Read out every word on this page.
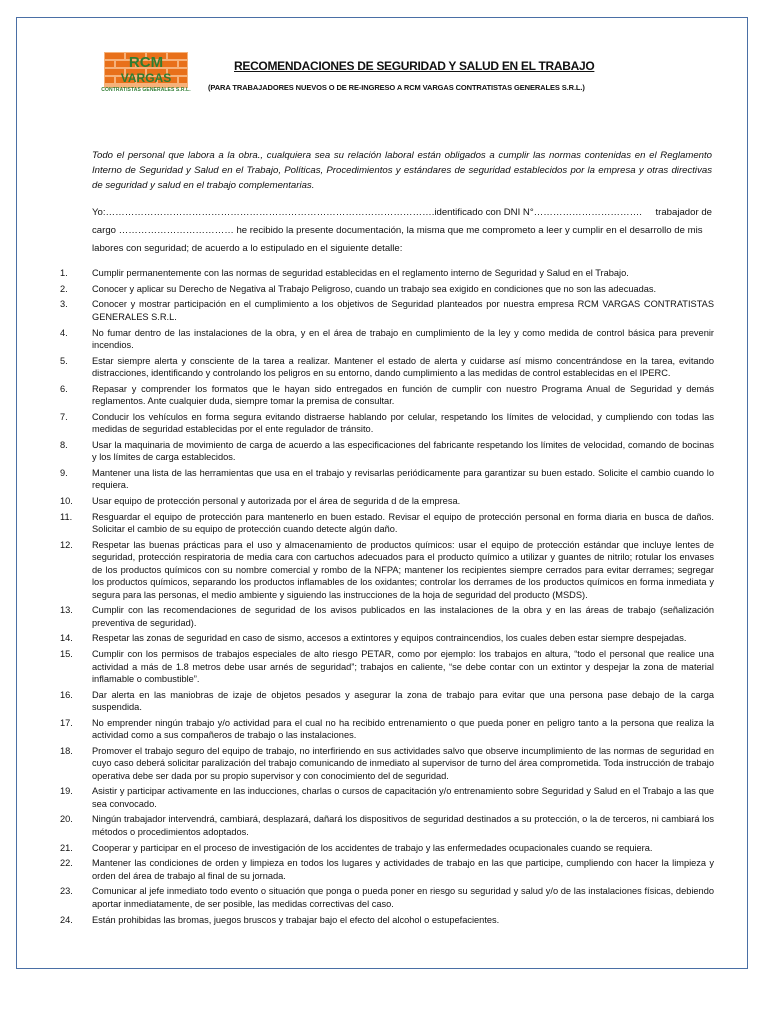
RCM
VARGAS
CONTRATISTAS GENERALES S.R.L.
RECOMENDACIONES DE SEGURIDAD Y SALUD EN EL TRABAJO
(PARA TRABAJADORES NUEVOS O DE RE-INGRESO A RCM VARGAS CONTRATISTAS GENERALES S.R.L.)
Todo el personal que labora a la obra., cualquiera sea su relación laboral están obligados a cumplir las normas contenidas en el Reglamento Interno de Seguridad y Salud en el Trabajo, Políticas, Procedimientos y estándares de seguridad establecidos por la empresa y otras directivas de seguridad y salud en el trabajo complementarias.
Yo:………………………………………………………………………………………….identificado con DNI N°……………………………. trabajador de
cargo ……………………………… he recibido la presente documentación, la misma que me comprometo a leer y cumplir en el desarrollo de mis
labores con seguridad; de acuerdo a lo estipulado en el siguiente detalle:
1.	Cumplir permanentemente con las normas de seguridad establecidas en el reglamento interno de Seguridad y Salud en el Trabajo.
2.	Conocer y aplicar su Derecho de Negativa al Trabajo Peligroso, cuando un trabajo sea exigido en condiciones que no son las adecuadas.
3.	Conocer y mostrar participación en el cumplimiento a los objetivos de Seguridad planteados por nuestra empresa RCM VARGAS CONTRATISTAS GENERALES S.R.L.
4.	No fumar dentro de las instalaciones de la obra, y en el área de trabajo en cumplimiento de la ley y como medida de control básica para prevenir incendios.
5.	Estar siempre alerta y consciente de la tarea a realizar. Mantener el estado de alerta y cuidarse así mismo concentrándose en la tarea, evitando distracciones, identificando y controlando los peligros en su entorno, dando cumplimiento a las medidas de control establecidas en el IPERC.
6.	Repasar y comprender los formatos que le hayan sido entregados en función de cumplir con nuestro Programa Anual de Seguridad y demás reglamentos. Ante cualquier duda, siempre tomar la premisa de consultar.
7.	Conducir los vehículos en forma segura evitando distraerse hablando por celular, respetando los límites de velocidad, y cumpliendo con todas las medidas de seguridad establecidas por el ente regulador de tránsito.
8.	Usar la maquinaria de movimiento de carga de acuerdo a las especificaciones del fabricante respetando los límites de velocidad, comando de bocinas y los límites de carga establecidos.
9.	Mantener una lista de las herramientas que usa en el trabajo y revisarlas periódicamente para garantizar su buen estado. Solicite el cambio cuando lo requiera.
10.	Usar equipo de protección personal y autorizada por el área de segurida d de la empresa.
11.	Resguardar el equipo de protección para mantenerlo en buen estado. Revisar el equipo de protección personal en forma diaria en busca de daños. Solicitar el cambio de su equipo de protección cuando detecte algún daño.
12.	Respetar las buenas prácticas para el uso y almacenamiento de productos químicos: usar el equipo de protección estándar que incluye lentes de seguridad, protección respiratoria de media cara con cartuchos adecuados para el producto químico a utilizar y guantes de nitrilo; rotular los envases de los productos químicos con su nombre comercial y rombo de la NFPA; mantener los recipientes siempre cerrados para evitar derrames; segregar los productos químicos, separando los productos inflamables de los oxidantes; controlar los derrames de los productos químicos en forma inmediata y segura para las personas, el medio ambiente y siguiendo las instrucciones de la hoja de seguridad del producto (MSDS).
13.	Cumplir con las recomendaciones de seguridad de los avisos publicados en las instalaciones de la obra y en las áreas de trabajo (señalización preventiva de seguridad).
14.	Respetar las zonas de seguridad en caso de sismo, accesos a extintores y equipos contraincendios, los cuales deben estar siempre despejadas.
15.	Cumplir con los permisos de trabajos especiales de alto riesgo PETAR, como por ejemplo: los trabajos en altura, “todo el personal que realice una actividad a más de 1.8 metros debe usar arnés de seguridad”; trabajos en caliente, “se debe contar con un extintor y despejar la zona de material inflamable o combustible”.
16.	Dar alerta en las maniobras de izaje de objetos pesados y asegurar la zona de trabajo para evitar que una persona pase debajo de la carga suspendida.
17.	No emprender ningún trabajo y/o actividad para el cual no ha recibido entrenamiento o que pueda poner en peligro tanto a la persona que realiza la actividad como a sus compañeros de trabajo o las instalaciones.
18.	Promover el trabajo seguro del equipo de trabajo, no interfiriendo en sus actividades salvo que observe incumplimiento de las normas de seguridad en cuyo caso deberá solicitar paralización del trabajo comunicando de inmediato al supervisor de turno del área comprometida. Toda instrucción de trabajo operativa debe ser dada por su propio supervisor y con conocimiento del de seguridad.
19.	Asistir y participar activamente en las inducciones, charlas o cursos de capacitación y/o entrenamiento sobre Seguridad y Salud en el Trabajo a las que sea convocado.
20.	Ningún trabajador intervendrá, cambiará, desplazará, dañará los dispositivos de seguridad destinados a su protección, o la de terceros, ni cambiará los métodos o procedimientos adoptados.
21.	Cooperar y participar en el proceso de investigación de los accidentes de trabajo y las enfermedades ocupacionales cuando se requiera.
22.	Mantener las condiciones de orden y limpieza en todos los lugares y actividades de trabajo en las que participe, cumpliendo con hacer la limpieza y orden del área de trabajo al final de su jornada.
23.	Comunicar al jefe inmediato todo evento o situación que ponga o pueda poner en riesgo su seguridad y salud y/o de las instalaciones físicas, debiendo aportar inmediatamente, de ser posible, las medidas correctivas del caso.
24.	Están prohibidas las bromas, juegos bruscos y trabajar bajo el efecto del alcohol o estupefacientes.
